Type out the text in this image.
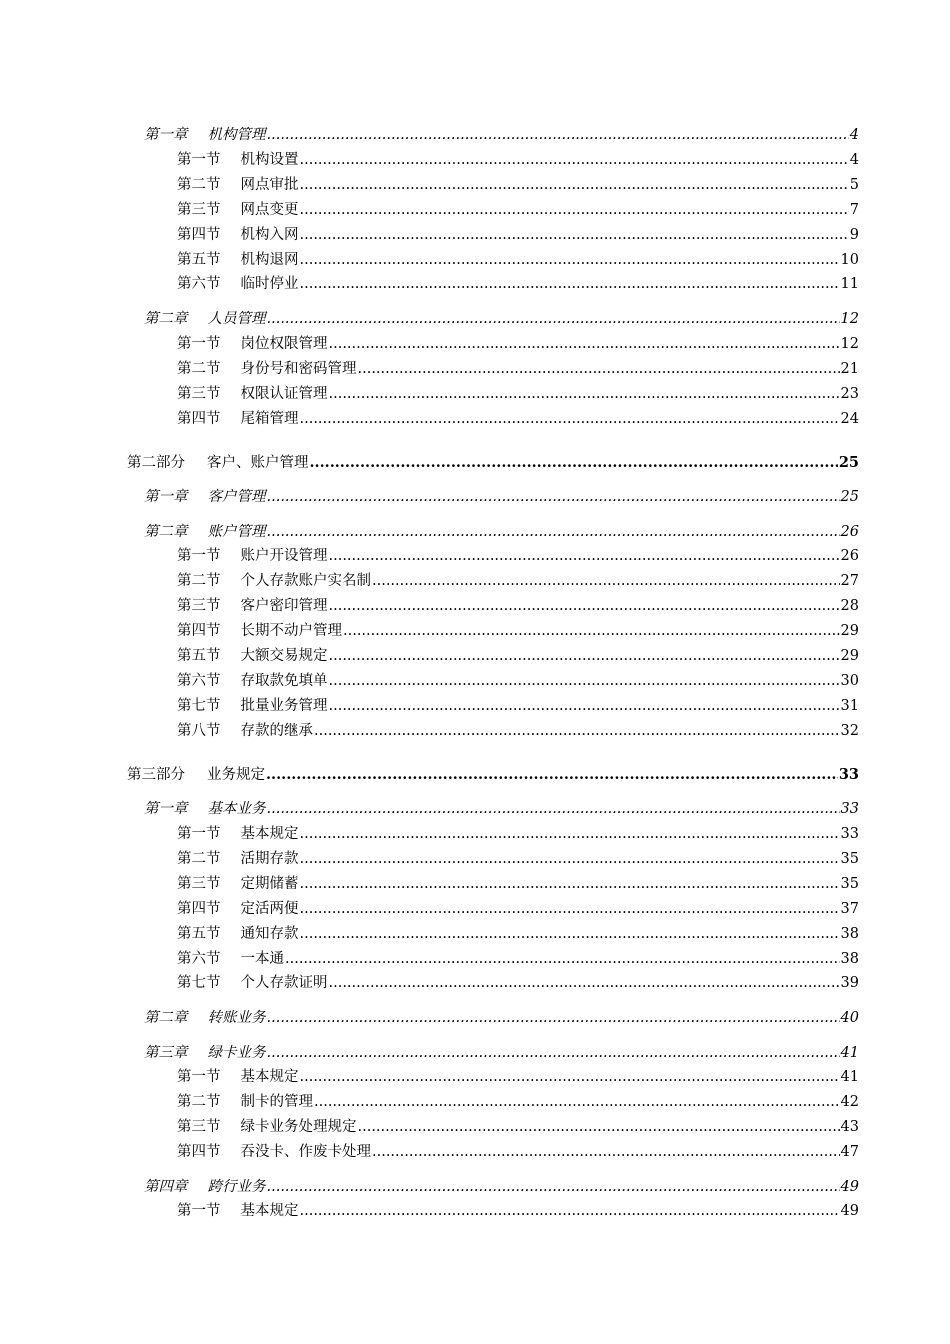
第一章 机构管理 .....	4
第一节 机构设置 .....	4
第二节 网点审批 .....	5
第三节 网点变更 .....	7
第四节 机构入网 .....	9
第五节 机构退网 .....	10
第六节 临时停业 .....	11
第二章 人员管理 .....	12
第一节 岗位权限管理 .....	12
第二节 身份号和密码管理 .....	21
第三节 权限认证管理 .....	23
第四节 尾箱管理 .....	24
第二部分 客户、账户管理 .....	25
第一章 客户管理 .....	25
第二章 账户管理 .....	26
第一节 账户开设管理 .....	26
第二节 个人存款账户实名制 .....	27
第三节 客户密印管理 .....	28
第四节 长期不动户管理 .....	29
第五节 大额交易规定 .....	29
第六节 存取款免填单 .....	30
第七节 批量业务管理 .....	31
第八节 存款的继承 .....	32
第三部分 业务规定 .....	33
第一章 基本业务 .....	33
第一节 基本规定 .....	33
第二节 活期存款 .....	35
第三节 定期储蓄 .....	35
第四节 定活两便 .....	37
第五节 通知存款 .....	38
第六节 一本通 .....	38
第七节 个人存款证明 .....	39
第二章 转账业务 .....	40
第三章 绿卡业务 .....	41
第一节 基本规定 .....	41
第二节 制卡的管理 .....	42
第三节 绿卡业务处理规定 .....	43
第四节 吞没卡、作废卡处理 .....	47
第四章 跨行业务 .....	49
第一节 基本规定 .....	49
